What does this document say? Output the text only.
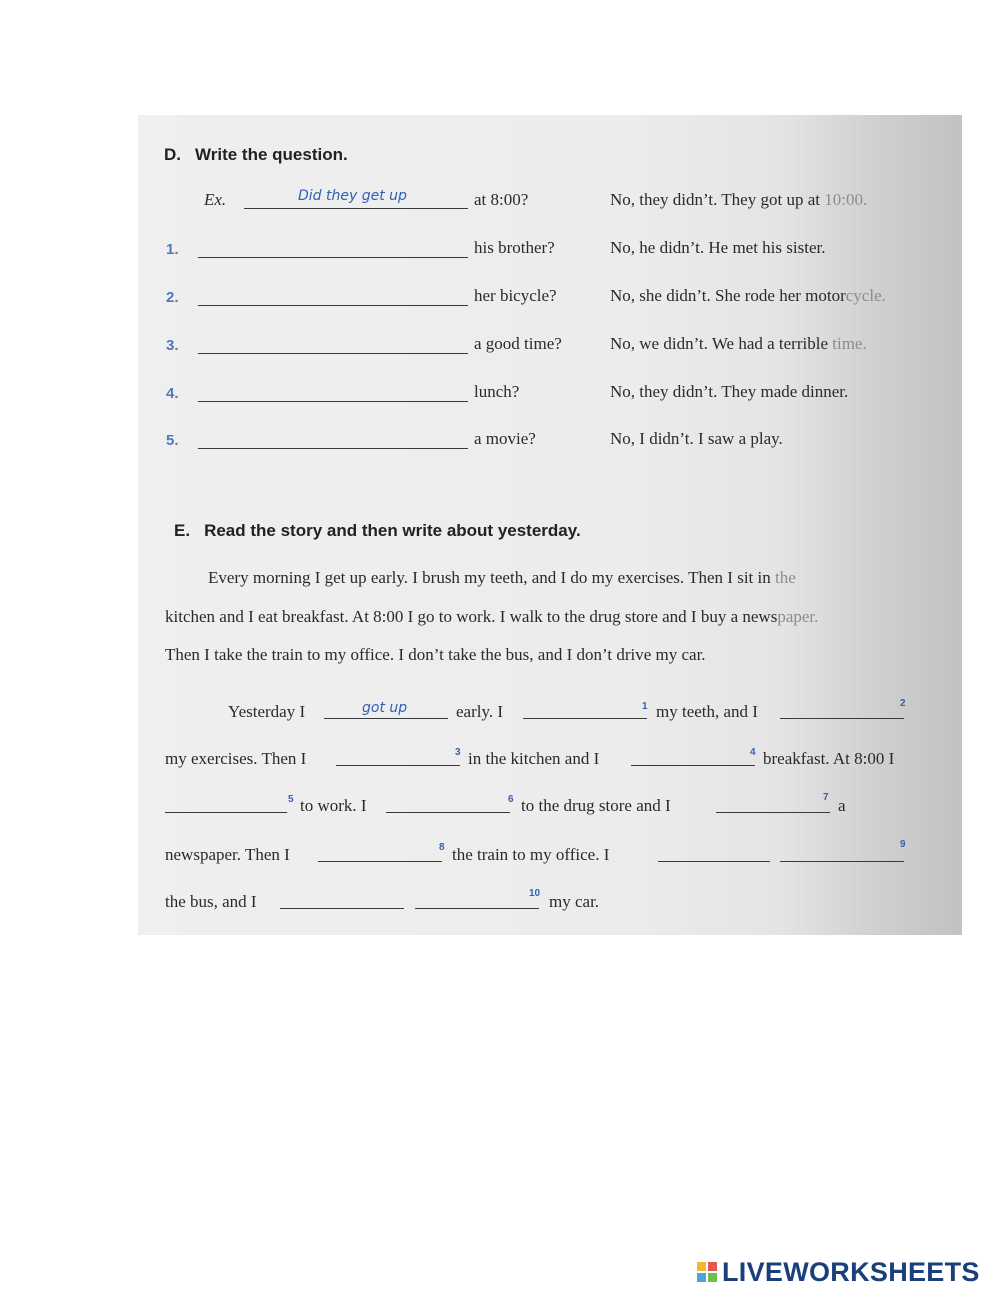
D. Write the question.
Ex.	Did they get up	at 8:00?	No, they didn’t. They got up at 10:00.
1.	his brother?	No, he didn’t. He met his sister.
2.	her bicycle?	No, she didn’t. She rode her motorcycle.
3.	a good time?	No, we didn’t. We had a terrible time.
4.	lunch?	No, they didn’t. They made dinner.
5.	a movie?	No, I didn’t. I saw a play.
E. Read the story and then write about yesterday.
Every morning I get up early. I brush my teeth, and I do my exercises. Then I sit in the
kitchen and I eat breakfast. At 8:00 I go to work. I walk to the drug store and I buy a newspaper.
Then I take the train to my office. I don’t take the bus, and I don’t drive my car.
Yesterday I	got up	early. I	1 my teeth, and I	2
my exercises. Then I	3 in the kitchen and I	4 breakfast. At 8:00 I
5 to work. I	6 to the drug store and I	7 a
newspaper. Then I	8 the train to my office. I
9
the bus, and I	10 my car.
LIVEWORKSHEETS
